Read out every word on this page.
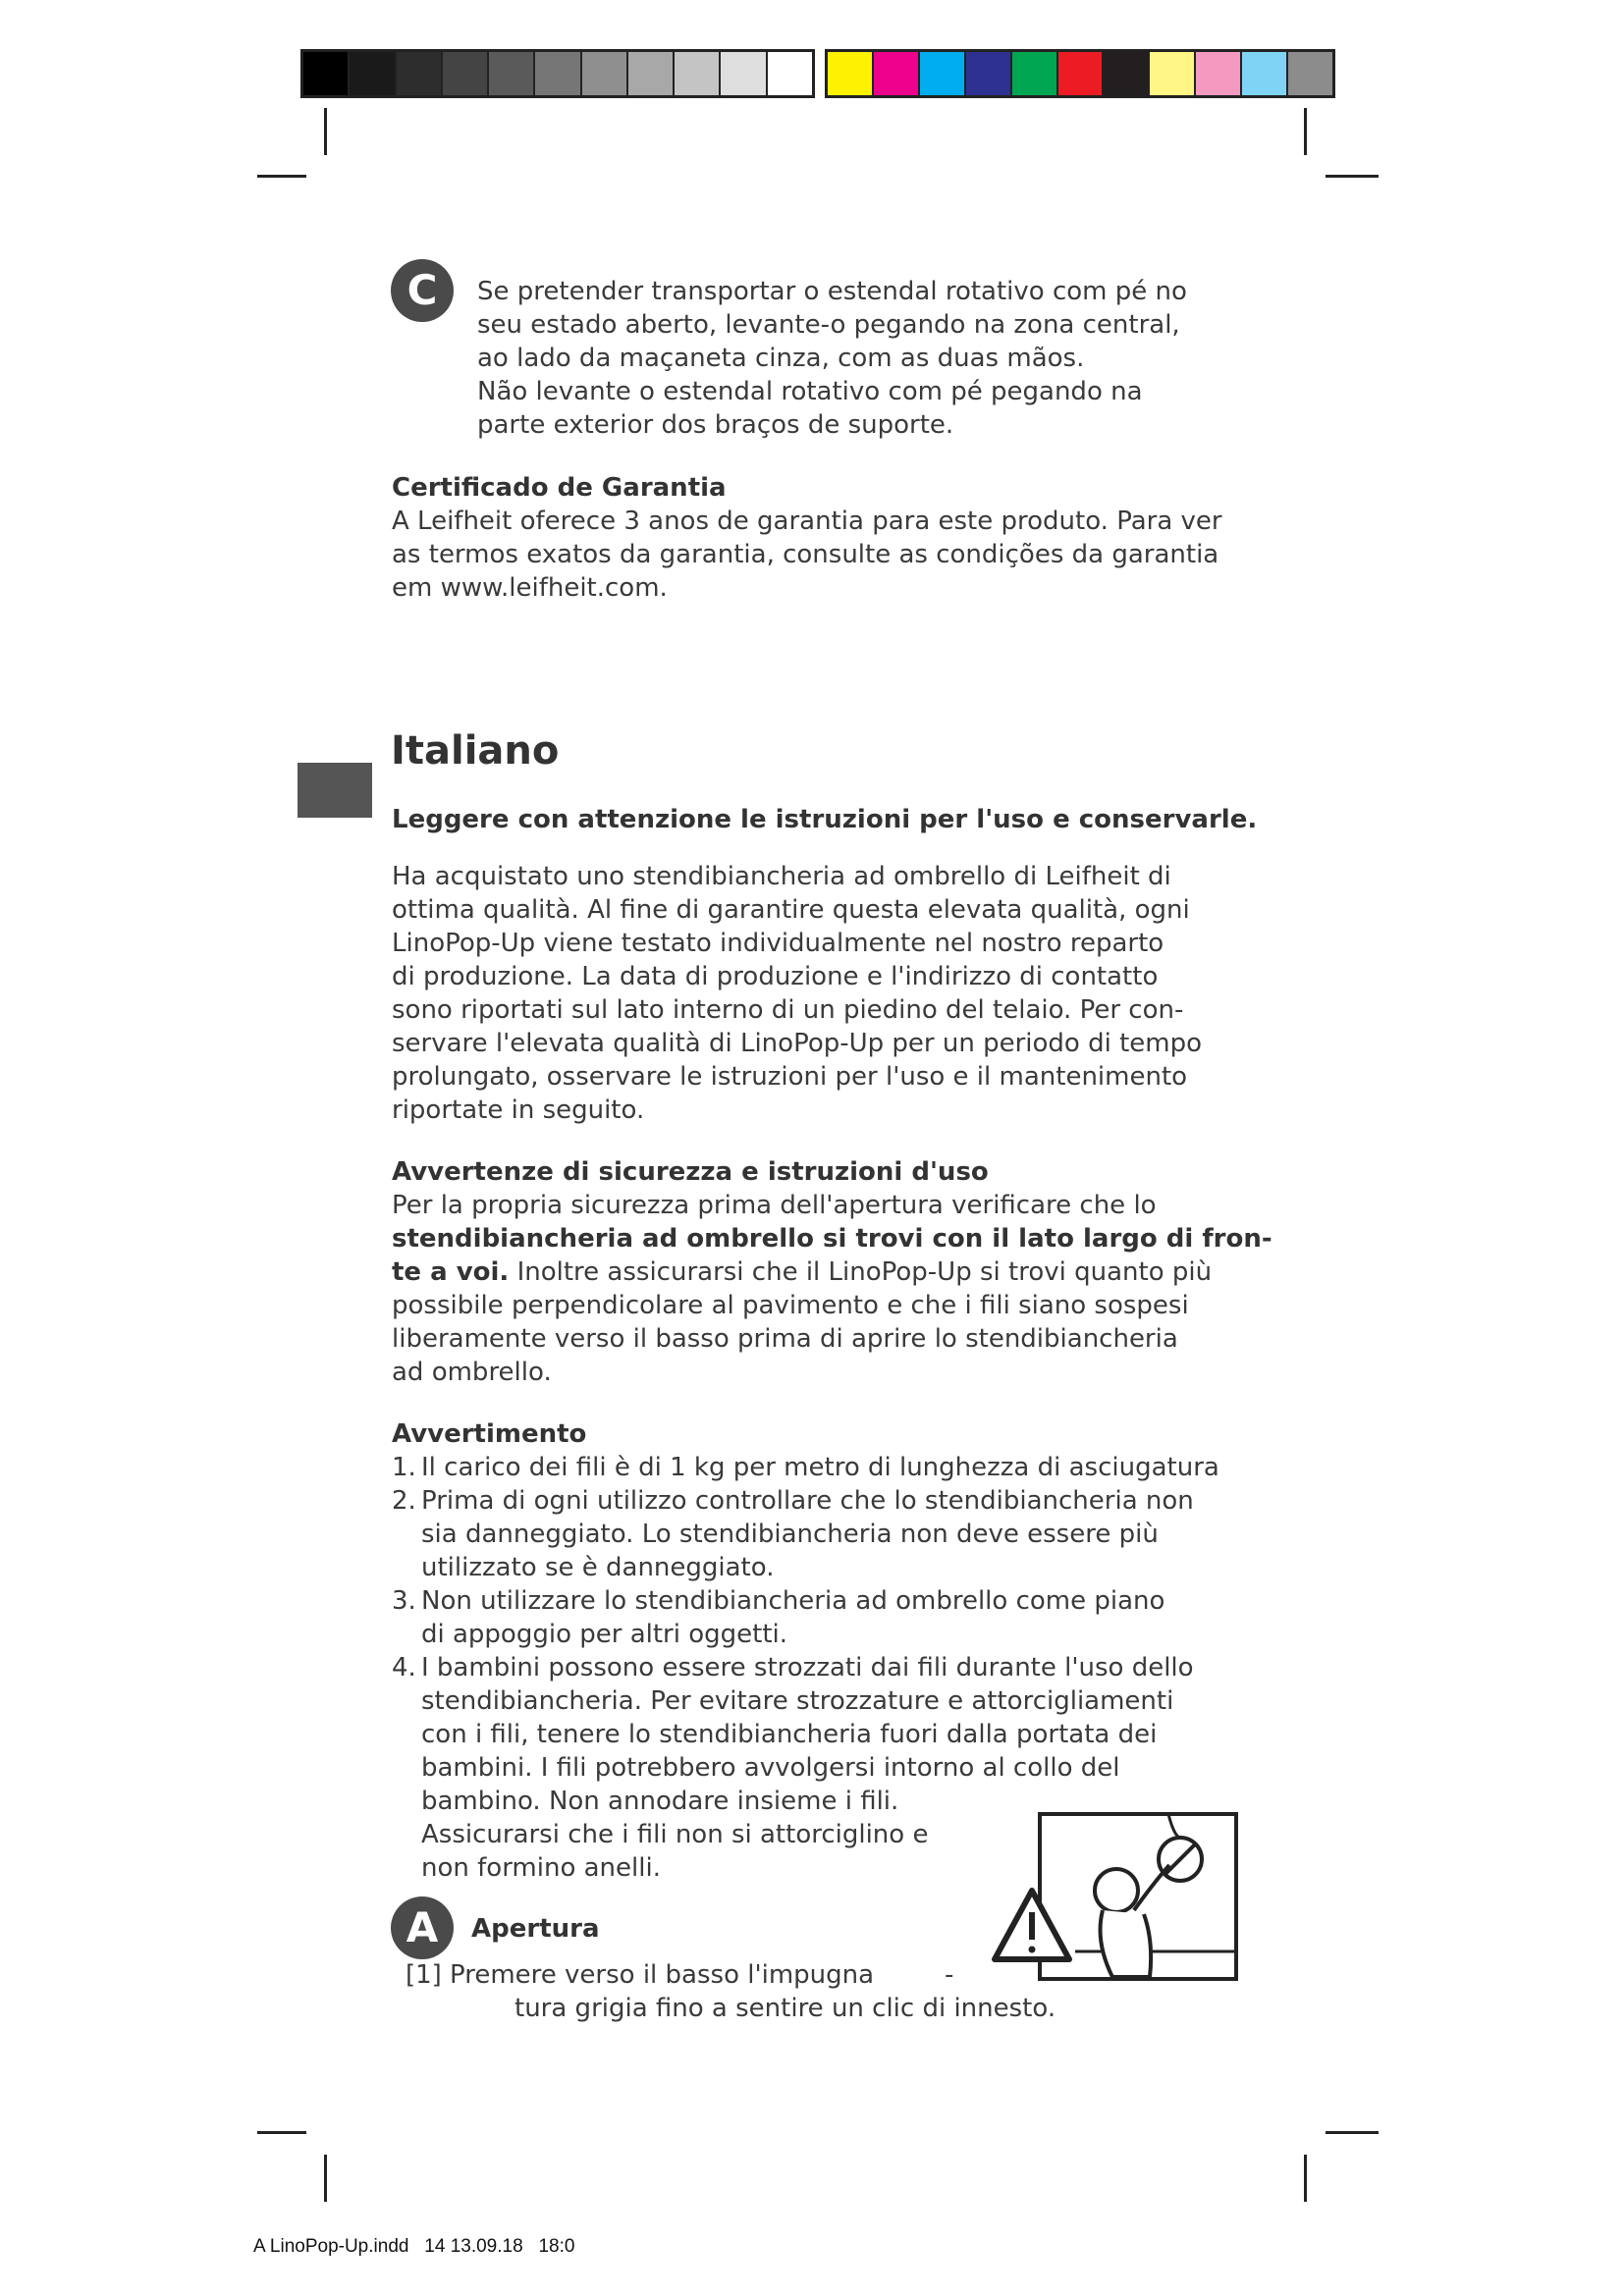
C	Se pretender transportar o estendal rotativo com pé no
seu estado aberto, levante-o pegando na zona central,
ao lado da maçaneta cinza, com as duas mãos.
Não levante o estendal rotativo com pé pegando na
parte exterior dos braços de suporte.
Certificado de Garantia
A Leifheit oferece 3 anos de garantia para este produto. Para ver
as termos exatos da garantia, consulte as condições da garantia
em www.leifheit.com.
Italiano
Leggere con attenzione le istruzioni per l'uso e conservarle.
Ha acquistato uno stendibiancheria ad ombrello di Leifheit di
ottima qualità. Al fine di garantire questa elevata qualità, ogni
LinoPop-Up viene testato individualmente nel nostro reparto
di produzione. La data di produzione e l'indirizzo di contatto
sono riportati sul lato interno di un piedino del telaio. Per con-
servare l'elevata qualità di LinoPop-Up per un periodo di tempo
prolungato, osservare le istruzioni per l'uso e il mantenimento
riportate in seguito.
Avvertenze di sicurezza e istruzioni d'uso
Per la propria sicurezza prima dell'apertura verificare che lo
stendibiancheria ad ombrello si trovi con il lato largo di fron-
te a voi. Inoltre assicurarsi che il LinoPop-Up si trovi quanto più
possibile perpendicolare al pavimento e che i fili siano sospesi
liberamente verso il basso prima di aprire lo stendibiancheria
ad ombrello.
Avvertimento
1. Il carico dei fili è di 1 kg per metro di lunghezza di asciugatura
2. Prima di ogni utilizzo controllare che lo stendibiancheria non
sia danneggiato. Lo stendibiancheria non deve essere più
utilizzato se è danneggiato.
3. Non utilizzare lo stendibiancheria ad ombrello come piano
di appoggio per altri oggetti.
4. I bambini possono essere strozzati dai fili durante l'uso dello
stendibiancheria. Per evitare strozzature e attorcigliamenti
con i fili, tenere lo stendibiancheria fuori dalla portata dei
bambini. I fili potrebbero avvolgersi intorno al collo del
bambino. Non annodare insieme i fili.
Assicurarsi che i fili non si attorciglino e
non formino anelli.
A	Apertura
[1] Premere verso il basso l'impugna	-
tura grigia fino a sentire un clic di innesto.
A LinoPop-Up.indd   14 13.09.18   18:0
